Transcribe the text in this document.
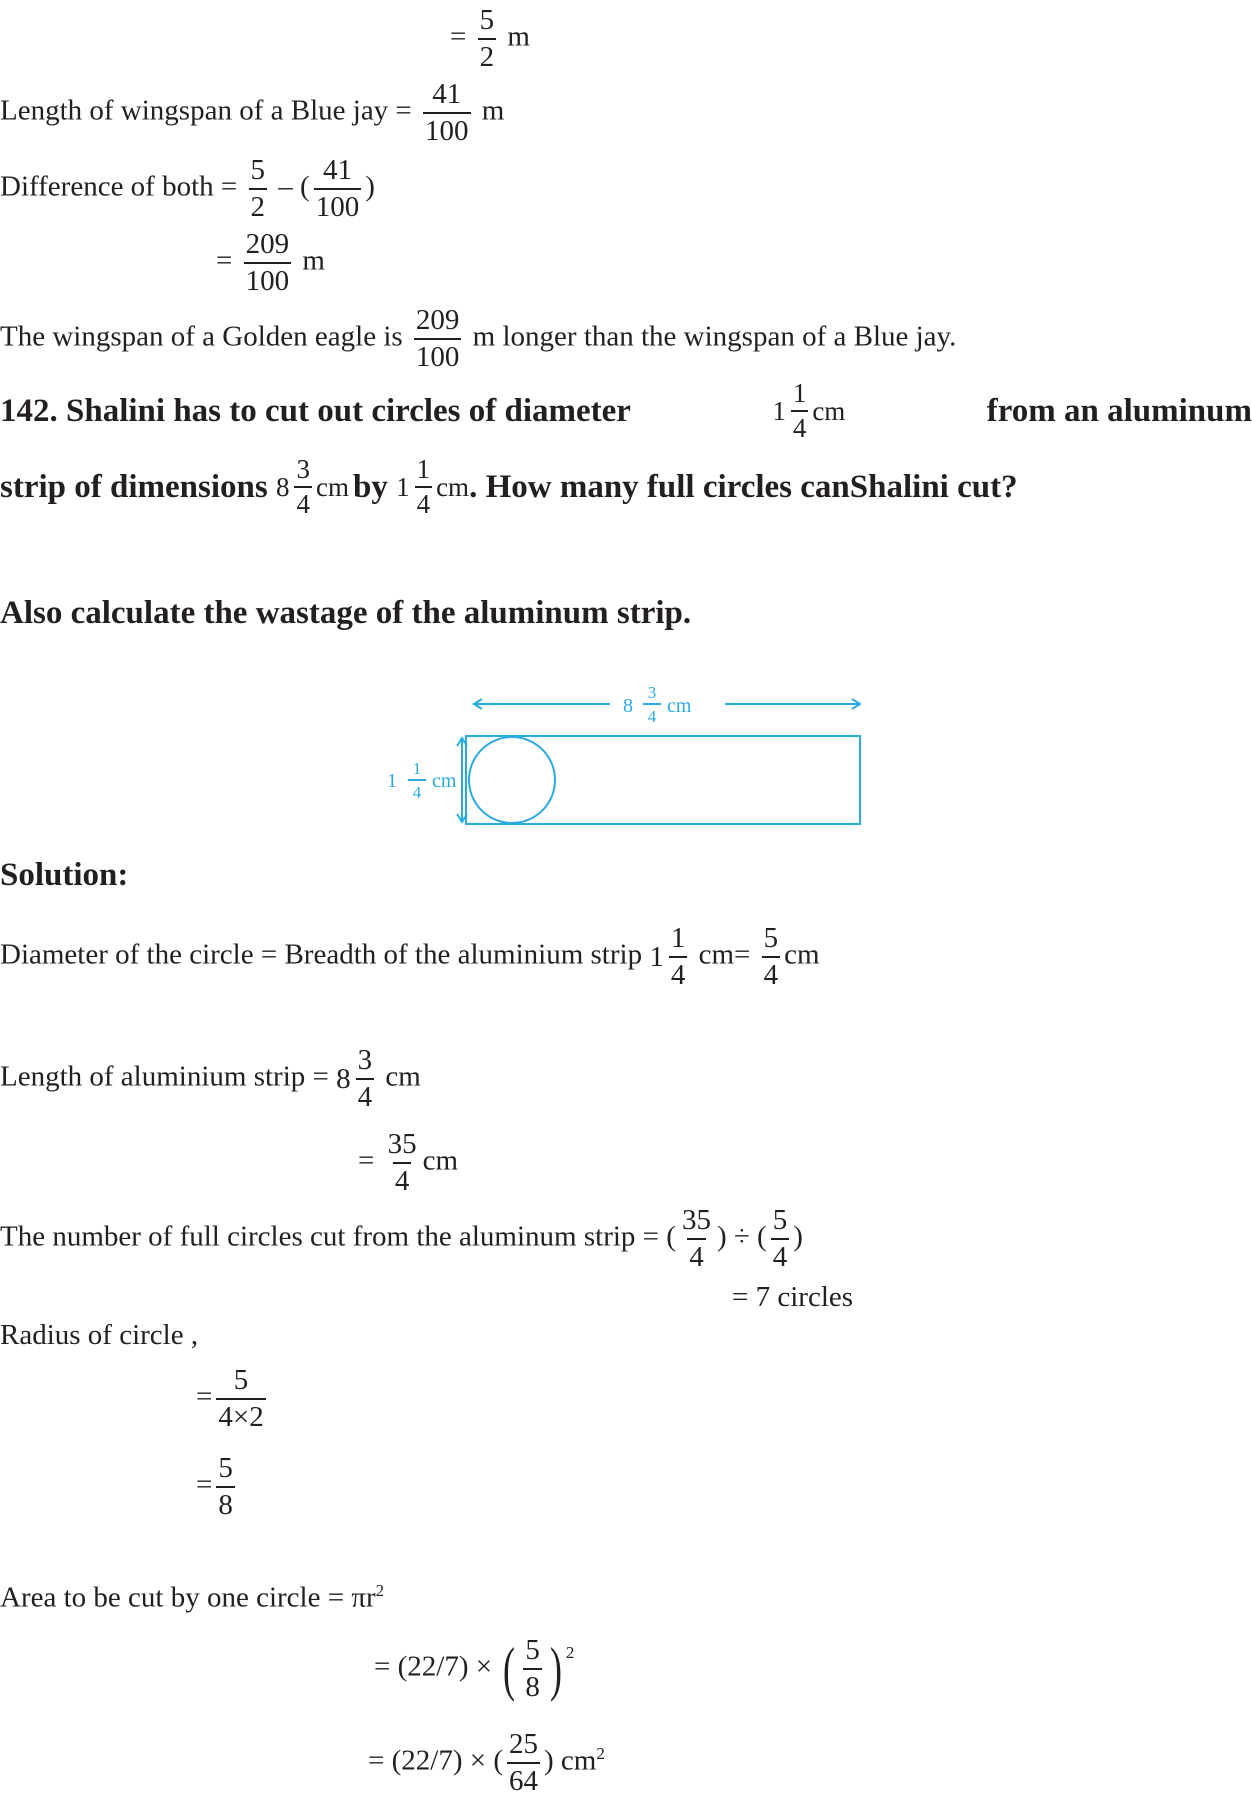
= $\frac{5}{2}$ m
Length of wingspan of a Blue jay = $\frac{41}{100}$ m
Difference of both = $\frac{5}{2}$ – ( $\frac{41}{100}$ )
= $\frac{209}{100}$ m
The wingspan of a Golden eagle is $\frac{209}{100}$ m longer than the wingspan of a Blue jay.
142. Shalini has to cut out circles of diameter	$1 \frac{1}{4}$ cm	from an aluminum
strip of dimensions
$8 \frac{3}{4}$ cm by
$1 \frac{1}{4}$ cm . How many full circles canShalini cut?
Also calculate the wastage of the aluminum strip.
8
3
4 cm
1
1
4
cm
Solution:
Diameter of the circle = Breadth of the aluminium strip $1 \frac{1}{4} cm= \frac{5}{4}$ cm
Length of aluminium strip = $8 \frac{3}{4}$ cm
= $\frac{35}{4}$ cm
The number of full circles cut from the aluminum strip = ( $\frac{35}{4}$ ) ÷ ( $\frac{5}{4}$ )
= 7 circles
Radius of circle ,
= $\frac{5}{4\times 2}$
= $\frac{5}{8}$
Area to be cut by one circle = $\pi r^2$
= (22/7) × ( $\frac{5}{8}$ ) $^2$
= (22/7) × ( $\frac{25}{64}$ ) $cm^2$
